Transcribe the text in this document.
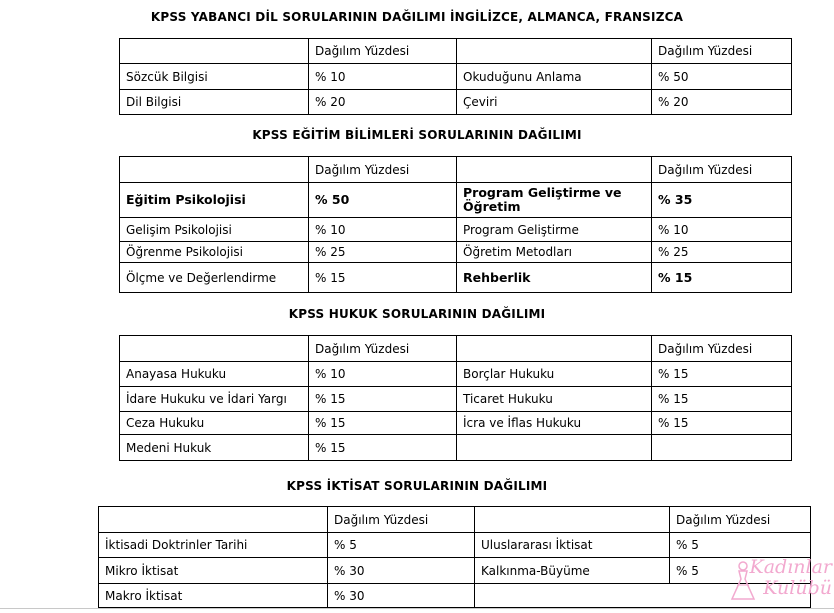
KPSS YABANCI DİL SORULARININ DAĞILIMI İNGİLİZCE, ALMANCA, FRANSIZCA
	Dağılım Yüzdesi		Dağılım Yüzdesi
Sözcük Bilgisi	% 10	Okuduğunu Anlama	% 50
Dil Bilgisi	% 20	Çeviri	% 20
KPSS EĞİTİM BİLİMLERİ SORULARININ DAĞILIMI
	Dağılım Yüzdesi		Dağılım Yüzdesi
Eğitim Psikolojisi	% 50	Program Geliştirme ve Öğretim	% 35
Gelişim Psikolojisi	% 10	Program Geliştirme	% 10
Öğrenme Psikolojisi	% 25	Öğretim Metodları	% 25
Ölçme ve Değerlendirme	% 15	Rehberlik	% 15
KPSS HUKUK SORULARININ DAĞILIMI
	Dağılım Yüzdesi		Dağılım Yüzdesi
Anayasa Hukuku	% 10	Borçlar Hukuku	% 15
İdare Hukuku ve İdari Yargı	% 15	Ticaret Hukuku	% 15
Ceza Hukuku	% 15	İcra ve İflas Hukuku	% 15
Medeni Hukuk	% 15		
KPSS İKTİSAT SORULARININ DAĞILIMI
	Dağılım Yüzdesi		Dağılım Yüzdesi
İktisadi Doktrinler Tarihi	% 5	Uluslararası İktisat	% 5
Mikro İktisat	% 30	Kalkınma-Büyüme	% 5
Makro İktisat	% 30		
Kadınlar
Kulübü
